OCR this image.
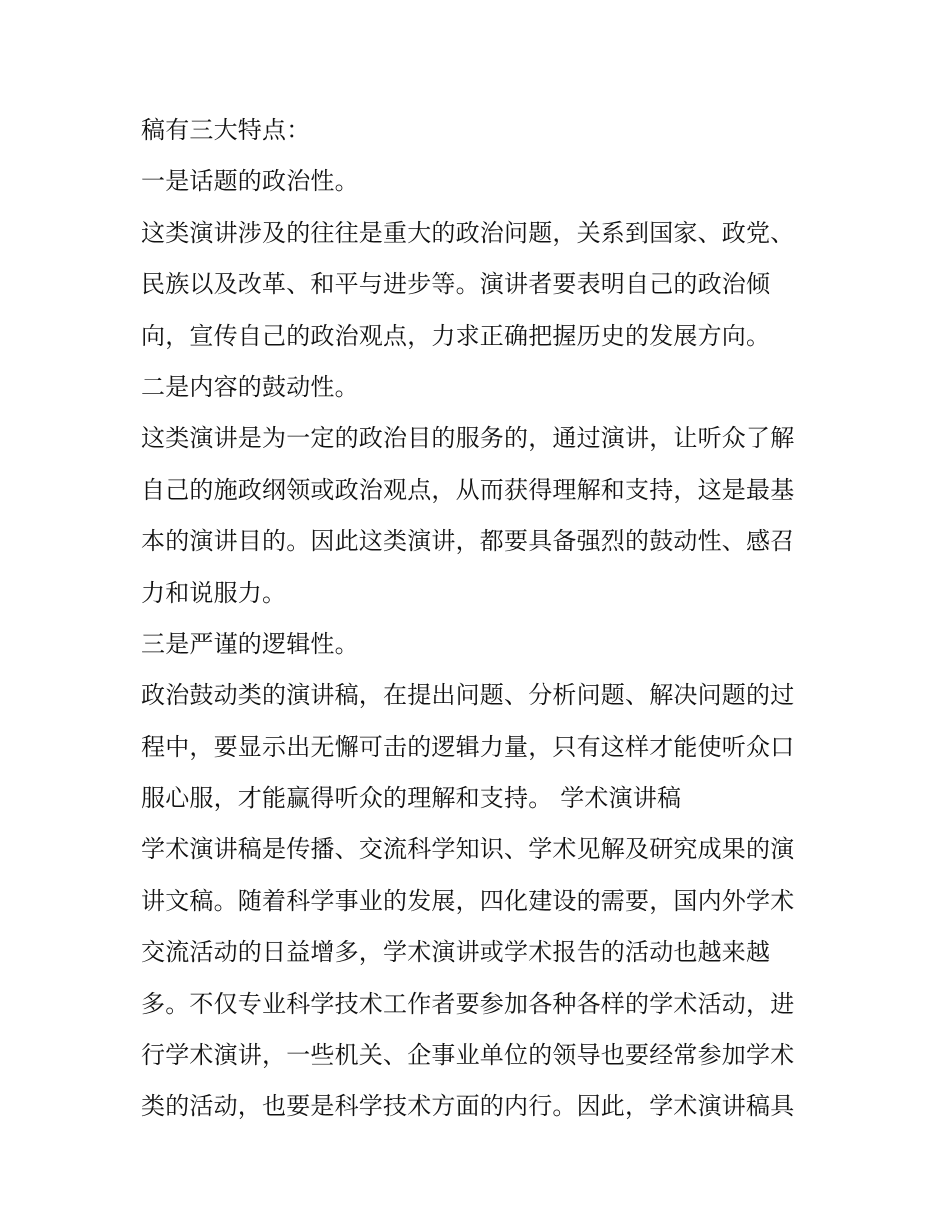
稿有三大特点：
一是话题的政治性。
这类演讲涉及的往往是重大的政治问题，关系到国家、政党、
民族以及改革、和平与进步等。演讲者要表明自己的政治倾
向，宣传自己的政治观点，力求正确把握历史的发展方向。
二是内容的鼓动性。
这类演讲是为一定的政治目的服务的，通过演讲，让听众了解
自己的施政纲领或政治观点，从而获得理解和支持，这是最基
本的演讲目的。因此这类演讲，都要具备强烈的鼓动性、感召
力和说服力。
三是严谨的逻辑性。
政治鼓动类的演讲稿，在提出问题、分析问题、解决问题的过
程中，要显示出无懈可击的逻辑力量，只有这样才能使听众口
服心服，才能赢得听众的理解和支持。 学术演讲稿
学术演讲稿是传播、交流科学知识、学术见解及研究成果的演
讲文稿。随着科学事业的发展，四化建设的需要，国内外学术
交流活动的日益增多，学术演讲或学术报告的活动也越来越
多。不仅专业科学技术工作者要参加各种各样的学术活动，进
行学术演讲，一些机关、企事业单位的领导也要经常参加学术
类的活动，也要是科学技术方面的内行。因此，学术演讲稿具
